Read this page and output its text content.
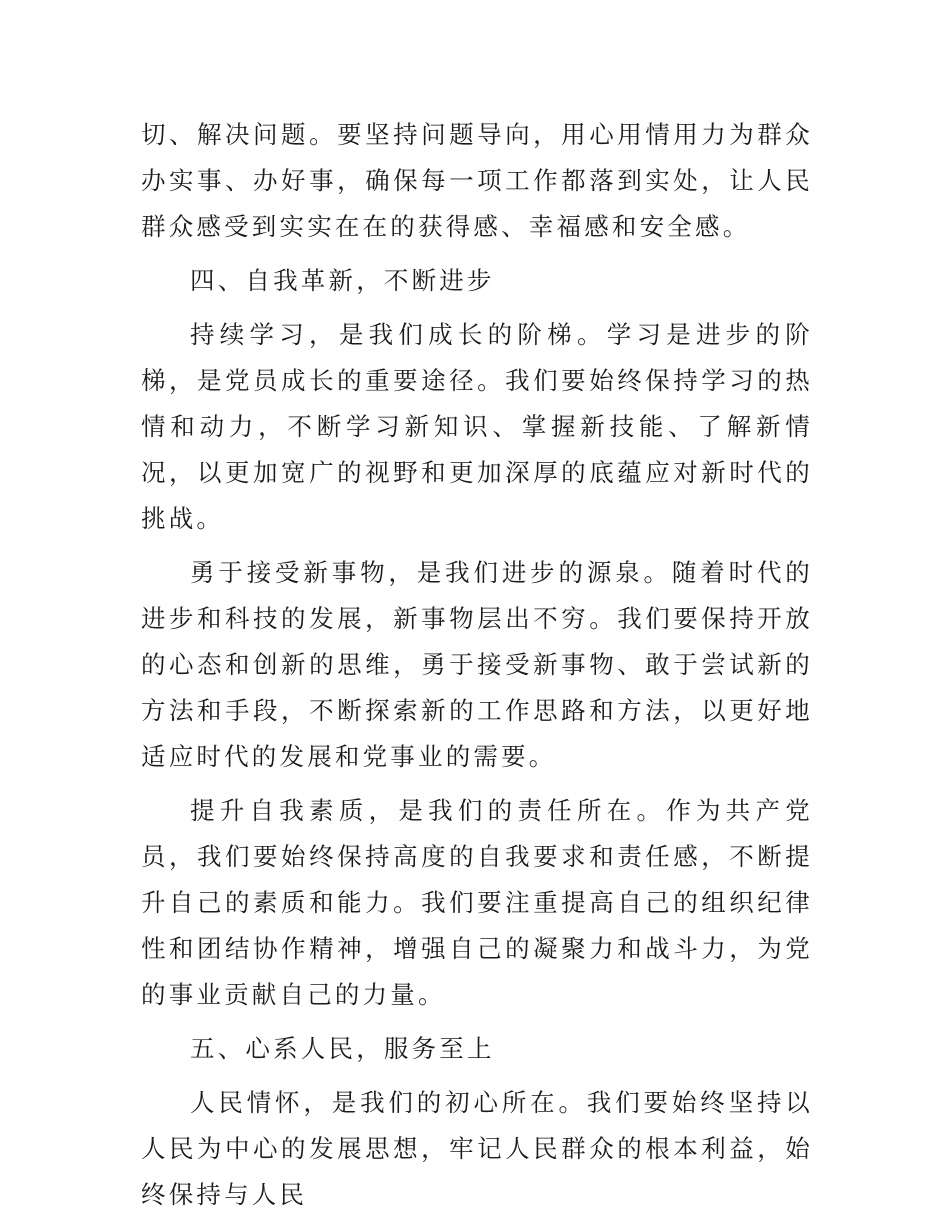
切、解决问题。要坚持问题导向，用心用情用力为群众办实事、办好事，确保每一项工作都落到实处，让人民群众感受到实实在在的获得感、幸福感和安全感。

四、自我革新，不断进步

持续学习，是我们成长的阶梯。学习是进步的阶梯，是党员成长的重要途径。我们要始终保持学习的热情和动力，不断学习新知识、掌握新技能、了解新情况，以更加宽广的视野和更加深厚的底蕴应对新时代的挑战。

勇于接受新事物，是我们进步的源泉。随着时代的进步和科技的发展，新事物层出不穷。我们要保持开放的心态和创新的思维，勇于接受新事物、敢于尝试新的方法和手段，不断探索新的工作思路和方法，以更好地适应时代的发展和党事业的需要。

提升自我素质，是我们的责任所在。作为共产党员，我们要始终保持高度的自我要求和责任感，不断提升自己的素质和能力。我们要注重提高自己的组织纪律性和团结协作精神，增强自己的凝聚力和战斗力，为党的事业贡献自己的力量。

五、心系人民，服务至上

人民情怀，是我们的初心所在。我们要始终坚持以人民为中心的发展思想，牢记人民群众的根本利益，始终保持与人民
